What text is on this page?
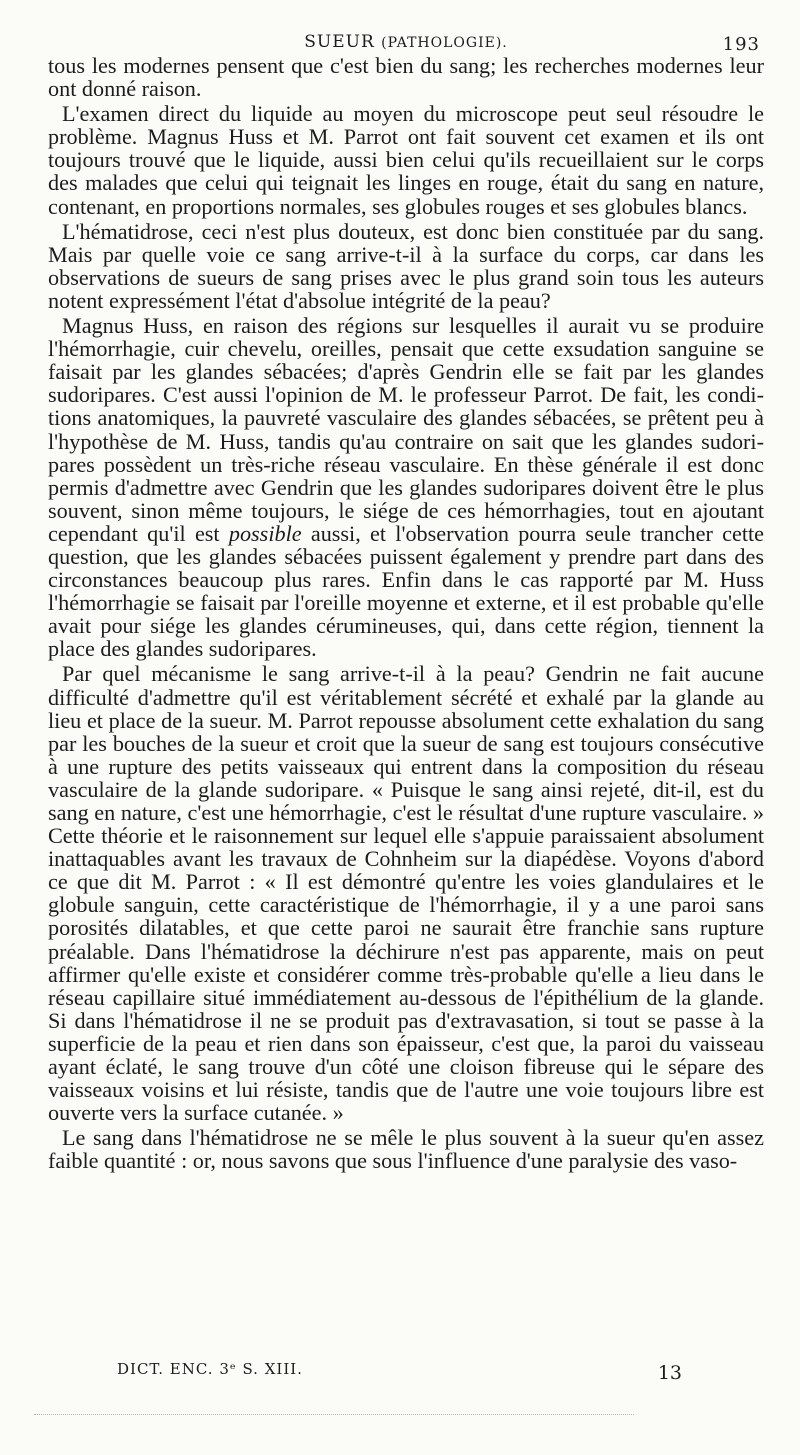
SUEUR (PATHOLOGIE).	193

tous les modernes pensent que c'est bien du sang; les recherches modernes leur ont donné raison.

L'examen direct du liquide au moyen du microscope peut seul résoudre le problème. Magnus Huss et M. Parrot ont fait souvent cet examen et ils ont toujours trouvé que le liquide, aussi bien celui qu'ils recueillaient sur le corps des malades que celui qui teignait les linges en rouge, était du sang en nature, contenant, en proportions normales, ses globules rouges et ses globules blancs.

L'hématidrose, ceci n'est plus douteux, est donc bien constituée par du sang. Mais par quelle voie ce sang arrive-t-il à la surface du corps, car dans les observations de sueurs de sang prises avec le plus grand soin tous les auteurs notent expressément l'état d'absolue intégrité de la peau?

Magnus Huss, en raison des régions sur lesquelles il aurait vu se produire l'hémorrhagie, cuir chevelu, oreilles, pensait que cette exsudation sanguine se faisait par les glandes sébacées; d'après Gendrin elle se fait par les glandes sudoripares. C'est aussi l'opinion de M. le professeur Parrot. De fait, les conditions anatomiques, la pauvreté vasculaire des glandes sébacées, se prêtent peu à l'hypothèse de M. Huss, tandis qu'au contraire on sait que les glandes sudoripares possèdent un très-riche réseau vasculaire. En thèse générale il est donc permis d'admettre avec Gendrin que les glandes sudoripares doivent être le plus souvent, sinon même toujours, le siége de ces hémorrhagies, tout en ajoutant cependant qu'il est possible aussi, et l'observation pourra seule trancher cette question, que les glandes sébacées puissent également y prendre part dans des circonstances beaucoup plus rares. Enfin dans le cas rapporté par M. Huss l'hémorrhagie se faisait par l'oreille moyenne et externe, et il est probable qu'elle avait pour siége les glandes cérumineuses, qui, dans cette région, tiennent la place des glandes sudoripares.

Par quel mécanisme le sang arrive-t-il à la peau? Gendrin ne fait aucune difficulté d'admettre qu'il est véritablement sécrété et exhalé par la glande au lieu et place de la sueur. M. Parrot repousse absolument cette exhalation du sang par les bouches de la sueur et croit que la sueur de sang est toujours consécutive à une rupture des petits vaisseaux qui entrent dans la composition du réseau vasculaire de la glande sudoripare. « Puisque le sang ainsi rejeté, dit-il, est du sang en nature, c'est une hémorrhagie, c'est le résultat d'une rupture vasculaire. » Cette théorie et le raisonnement sur lequel elle s'appuie paraissaient absolument inattaquables avant les travaux de Cohnheim sur la diapédèse. Voyons d'abord ce que dit M. Parrot : « Il est démontré qu'entre les voies glandulaires et le globule sanguin, cette caractéristique de l'hémorrhagie, il y a une paroi sans porosités dilatables, et que cette paroi ne saurait être franchie sans rupture préalable. Dans l'hématidrose la déchirure n'est pas apparente, mais on peut affirmer qu'elle existe et considérer comme très-probable qu'elle a lieu dans le réseau capillaire situé immédiatement au-dessous de l'épithélium de la glande. Si dans l'hématidrose il ne se produit pas d'extravasation, si tout se passe à la superficie de la peau et rien dans son épaisseur, c'est que, la paroi du vaisseau ayant éclaté, le sang trouve d'un côté une cloison fibreuse qui le sépare des vaisseaux voisins et lui résiste, tandis que de l'autre une voie toujours libre est ouverte vers la surface cutanée. »

Le sang dans l'hématidrose ne se mêle le plus souvent à la sueur qu'en assez faible quantité : or, nous savons que sous l'influence d'une paralysie des vaso-

DICT. ENC. 3ᵉ S. XIII.	13
